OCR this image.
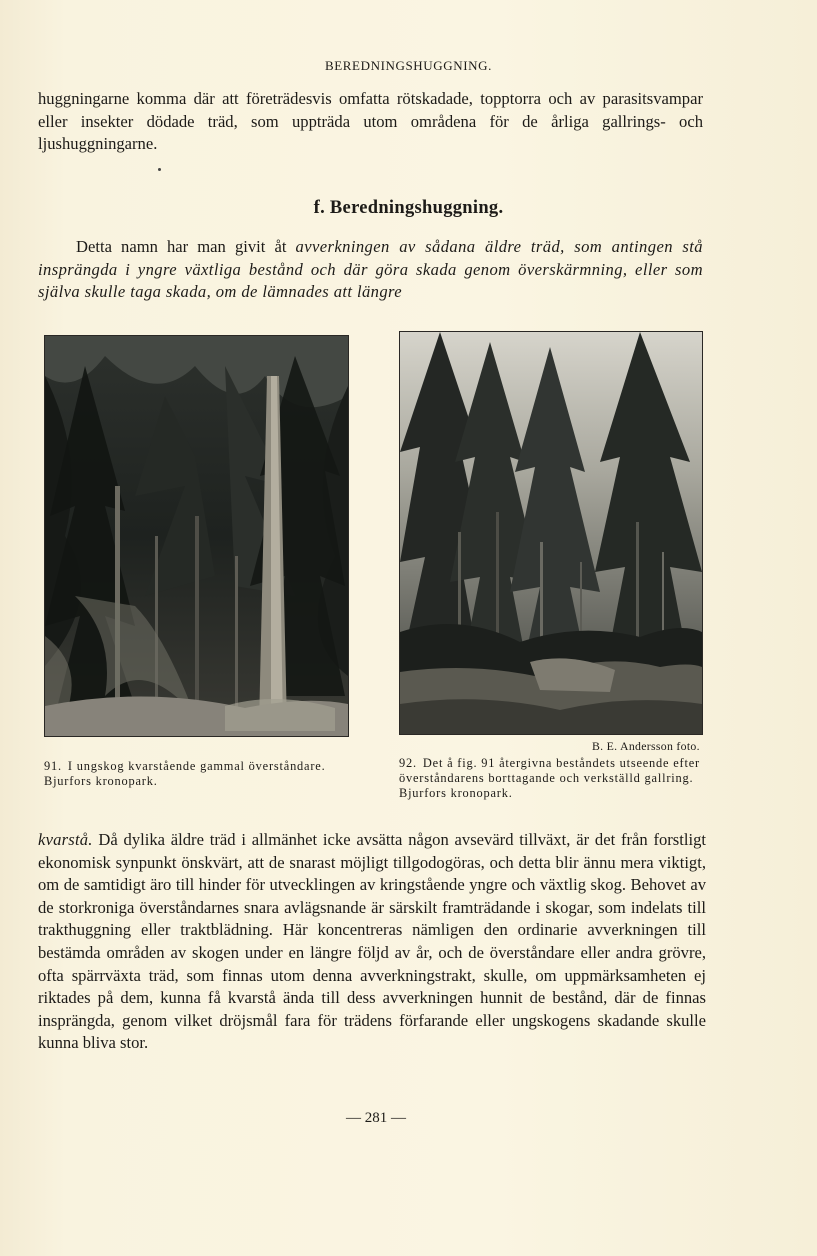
BEREDNINGSHUGGNING.
huggningarne komma där att företrädesvis omfatta rötskadade, topptorra och av parasitsvampar eller insekter dödade träd, som uppträda utom områdena för de årliga gallrings- och ljushuggningarne.
f. Beredningshuggning.
Detta namn har man givit åt avverkningen av sådana äldre träd, som antingen stå insprängda i yngre växtliga bestånd och där göra skada genom överskärmning, eller som själva skulle taga skada, om de lämnades att längre
B. E. Andersson foto.
91. I ungskog kvarstående gammal överståndare. Bjurfors kronopark.
92. Det å fig. 91 återgivna beståndets utseende efter överståndarens borttagande och verkställd gallring. Bjurfors kronopark.
kvarstå. Då dylika äldre träd i allmänhet icke avsätta någon avsevärd tillväxt, är det från forstligt ekonomisk synpunkt önskvärt, att de snarast möjligt tillgodogöras, och detta blir ännu mera viktigt, om de samtidigt äro till hinder för utvecklingen av kringstående yngre och växtlig skog. Behovet av de storkroniga överståndarnes snara avlägsnande är särskilt framträdande i skogar, som indelats till trakthuggning eller traktblädning. Här koncentreras nämligen den ordinarie avverkningen till bestämda områden av skogen under en längre följd av år, och de överståndare eller andra grövre, ofta spärrväxta träd, som finnas utom denna avverkningstrakt, skulle, om uppmärksamheten ej riktades på dem, kunna få kvarstå ända till dess avverkningen hunnit de bestånd, där de finnas insprängda, genom vilket dröjsmål fara för trädens förfarande eller ungskogens skadande skulle kunna bliva stor.
— 281 —
